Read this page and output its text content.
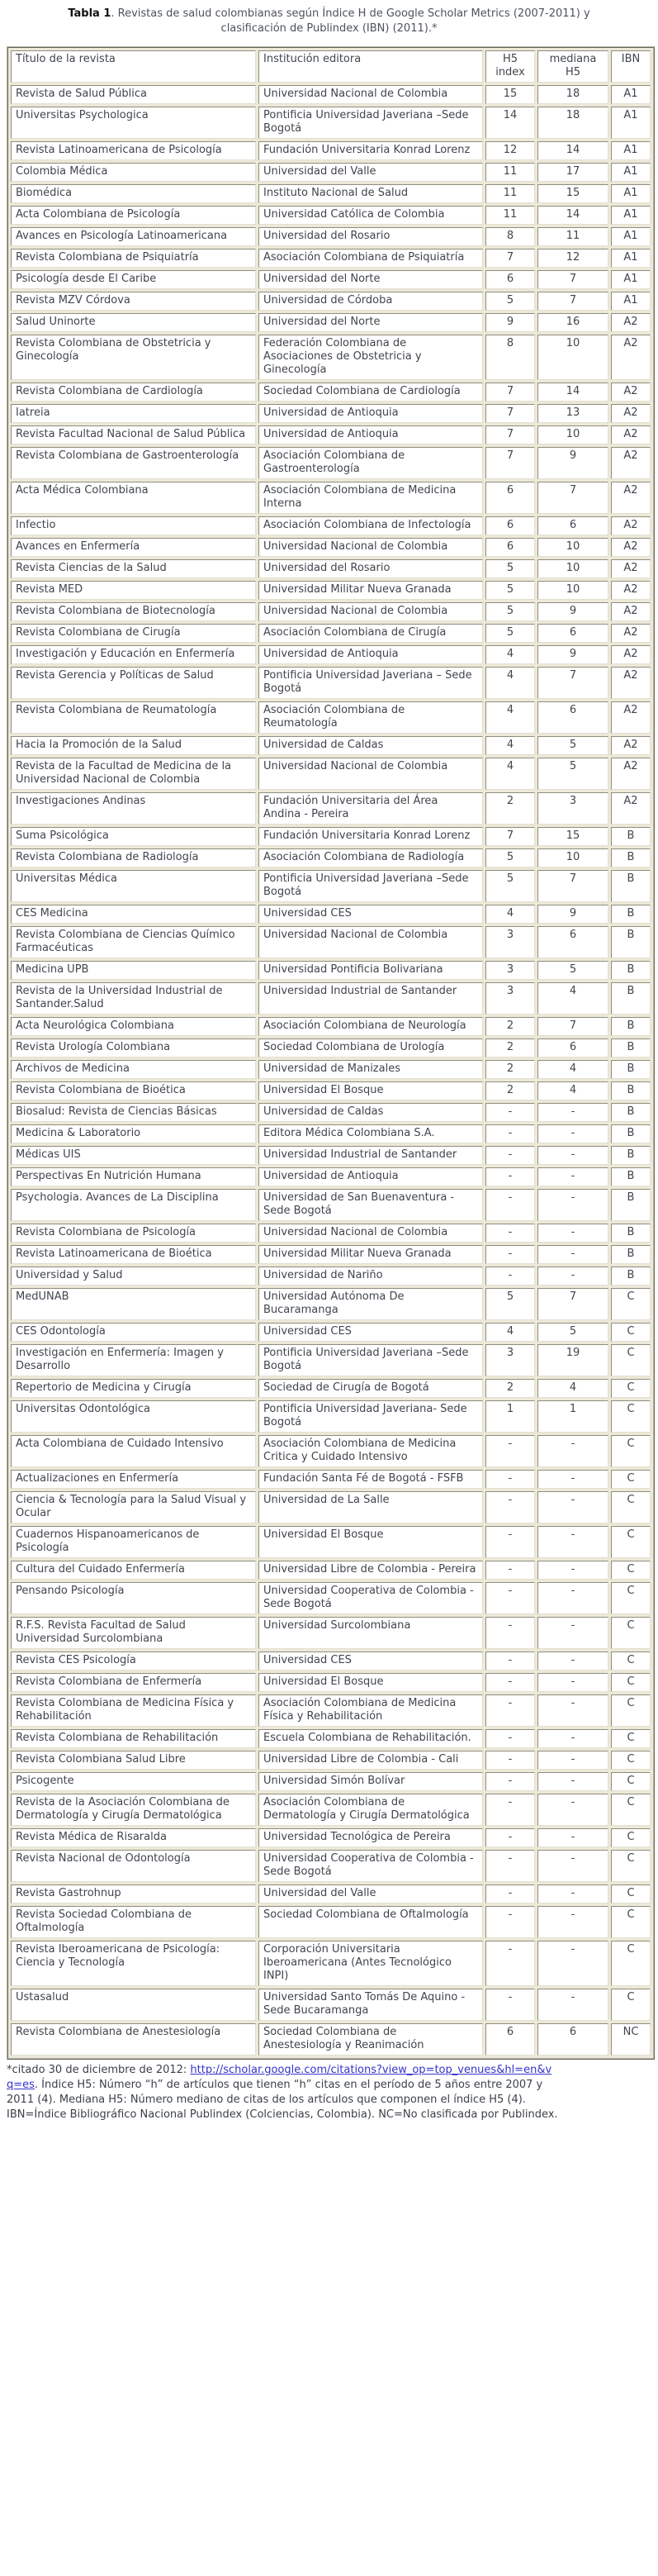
Tabla 1. Revistas de salud colombianas según Índice H de Google Scholar Metrics (2007-2011) y clasificación de Publindex (IBN) (2011).*
Título de la revista	Institución editora	H5 index	mediana H5	IBN
Revista de Salud Pública	Universidad Nacional de Colombia	15	18	A1
Universitas Psychologica	Pontificia Universidad Javeriana –Sede Bogotá	14	18	A1
Revista Latinoamericana de Psicología	Fundación Universitaria Konrad Lorenz	12	14	A1
Colombia Médica	Universidad del Valle	11	17	A1
Biomédica	Instituto Nacional de Salud	11	15	A1
Acta Colombiana de Psicología	Universidad Católica de Colombia	11	14	A1
Avances en Psicología Latinoamericana	Universidad del Rosario	8	11	A1
Revista Colombiana de Psiquiatría	Asociación Colombiana de Psiquiatría	7	12	A1
Psicología desde El Caribe	Universidad del Norte	6	7	A1
Revista MZV Córdova	Universidad de Córdoba	5	7	A1
Salud Uninorte	Universidad del Norte	9	16	A2
Revista Colombiana de Obstetricia y Ginecología	Federación Colombiana de Asociaciones de Obstetricia y Ginecología	8	10	A2
Revista Colombiana de Cardiología	Sociedad Colombiana de Cardiología	7	14	A2
Iatreia	Universidad de Antioquia	7	13	A2
Revista Facultad Nacional de Salud Pública	Universidad de Antioquia	7	10	A2
Revista Colombiana de Gastroenterología	Asociación Colombiana de Gastroenterología	7	9	A2
Acta Médica Colombiana	Asociación Colombiana de Medicina Interna	6	7	A2
Infectio	Asociación Colombiana de Infectología	6	6	A2
Avances en Enfermería	Universidad Nacional de Colombia	6	10	A2
Revista Ciencias de la Salud	Universidad del Rosario	5	10	A2
Revista MED	Universidad Militar Nueva Granada	5	10	A2
Revista Colombiana de Biotecnología	Universidad Nacional de Colombia	5	9	A2
Revista Colombiana de Cirugía	Asociación Colombiana de Cirugía	5	6	A2
Investigación y Educación en Enfermería	Universidad de Antioquia	4	9	A2
Revista Gerencia y Políticas de Salud	Pontificia Universidad Javeriana – Sede Bogotá	4	7	A2
Revista Colombiana de Reumatología	Asociación Colombiana de Reumatología	4	6	A2
Hacia la Promoción de la Salud	Universidad de Caldas	4	5	A2
Revista de la Facultad de Medicina de la Universidad Nacional de Colombia	Universidad Nacional de Colombia	4	5	A2
Investigaciones Andinas	Fundación Universitaria del Área Andina - Pereira	2	3	A2
Suma Psicológica	Fundación Universitaria Konrad Lorenz	7	15	B
Revista Colombiana de Radiología	Asociación Colombiana de Radiología	5	10	B
Universitas Médica	Pontificia Universidad Javeriana –Sede Bogotá	5	7	B
CES Medicina	Universidad CES	4	9	B
Revista Colombiana de Ciencias Químico Farmacéuticas	Universidad Nacional de Colombia	3	6	B
Medicina UPB	Universidad Pontificia Bolivariana	3	5	B
Revista de la Universidad Industrial de Santander.Salud	Universidad Industrial de Santander	3	4	B
Acta Neurológica Colombiana	Asociación Colombiana de Neurología	2	7	B
Revista Urología Colombiana	Sociedad Colombiana de Urología	2	6	B
Archivos de Medicina	Universidad de Manizales	2	4	B
Revista Colombiana de Bioética	Universidad El Bosque	2	4	B
Biosalud: Revista de Ciencias Básicas	Universidad de Caldas	-	-	B
Medicina & Laboratorio	Editora Médica Colombiana S.A.	-	-	B
Médicas UIS	Universidad Industrial de Santander	-	-	B
Perspectivas En Nutrición Humana	Universidad de Antioquia	-	-	B
Psychologia. Avances de La Disciplina	Universidad de San Buenaventura - Sede Bogotá	-	-	B
Revista Colombiana de Psicología	Universidad Nacional de Colombia	-	-	B
Revista Latinoamericana de Bioética	Universidad Militar Nueva Granada	-	-	B
Universidad y Salud	Universidad de Nariño	-	-	B
MedUNAB	Universidad Autónoma De Bucaramanga	5	7	C
CES Odontología	Universidad CES	4	5	C
Investigación en Enfermería: Imagen y Desarrollo	Pontificia Universidad Javeriana –Sede Bogotá	3	19	C
Repertorio de Medicina y Cirugía	Sociedad de Cirugía de Bogotá	2	4	C
Universitas Odontológica	Pontificia Universidad Javeriana- Sede Bogotá	1	1	C
Acta Colombiana de Cuidado Intensivo	Asociación Colombiana de Medicina Critica y Cuidado Intensivo	-	-	C
Actualizaciones en Enfermería	Fundación Santa Fé de Bogotá - FSFB	-	-	C
Ciencia & Tecnología para la Salud Visual y Ocular	Universidad de La Salle	-	-	C
Cuadernos Hispanoamericanos de Psicología	Universidad El Bosque	-	-	C
Cultura del Cuidado Enfermería	Universidad Libre de Colombia - Pereira	-	-	C
Pensando Psicología	Universidad Cooperativa de Colombia - Sede Bogotá	-	-	C
R.F.S. Revista Facultad de Salud Universidad Surcolombiana	Universidad Surcolombiana	-	-	C
Revista CES Psicología	Universidad CES	-	-	C
Revista Colombiana de Enfermería	Universidad El Bosque	-	-	C
Revista Colombiana de Medicina Física y Rehabilitación	Asociación Colombiana de Medicina Física y Rehabilitación	-	-	C
Revista Colombiana de Rehabilitación	Escuela Colombiana de Rehabilitación.	-	-	C
Revista Colombiana Salud Libre	Universidad Libre de Colombia - Cali	-	-	C
Psicogente	Universidad Simón Bolívar	-	-	C
Revista de la Asociación Colombiana de Dermatología y Cirugía Dermatológica	Asociación Colombiana de Dermatología y Cirugía Dermatológica	-	-	C
Revista Médica de Risaralda	Universidad Tecnológica de Pereira	-	-	C
Revista Nacional de Odontología	Universidad Cooperativa de Colombia - Sede Bogotá	-	-	C
Revista Gastrohnup	Universidad del Valle	-	-	C
Revista Sociedad Colombiana de Oftalmología	Sociedad Colombiana de Oftalmología	-	-	C
Revista Iberoamericana de Psicología: Ciencia y Tecnología	Corporación Universitaria Iberoamericana (Antes Tecnológico INPI)	-	-	C
Ustasalud	Universidad Santo Tomás De Aquino - Sede Bucaramanga	-	-	C
Revista Colombiana de Anestesiología	Sociedad Colombiana de Anestesiología y Reanimación	6	6	NC
*citado 30 de diciembre de 2012: http://scholar.google.com/citations?view_op=top_venues&hl=en&vq=es. Índice H5: Número “h” de artículos que tienen “h” citas en el período de 5 años entre 2007 y 2011 (4). Mediana H5: Número mediano de citas de los artículos que componen el índice H5 (4). IBN=Índice Bibliográfico Nacional Publindex (Colciencias, Colombia). NC=No clasificada por Publindex.
